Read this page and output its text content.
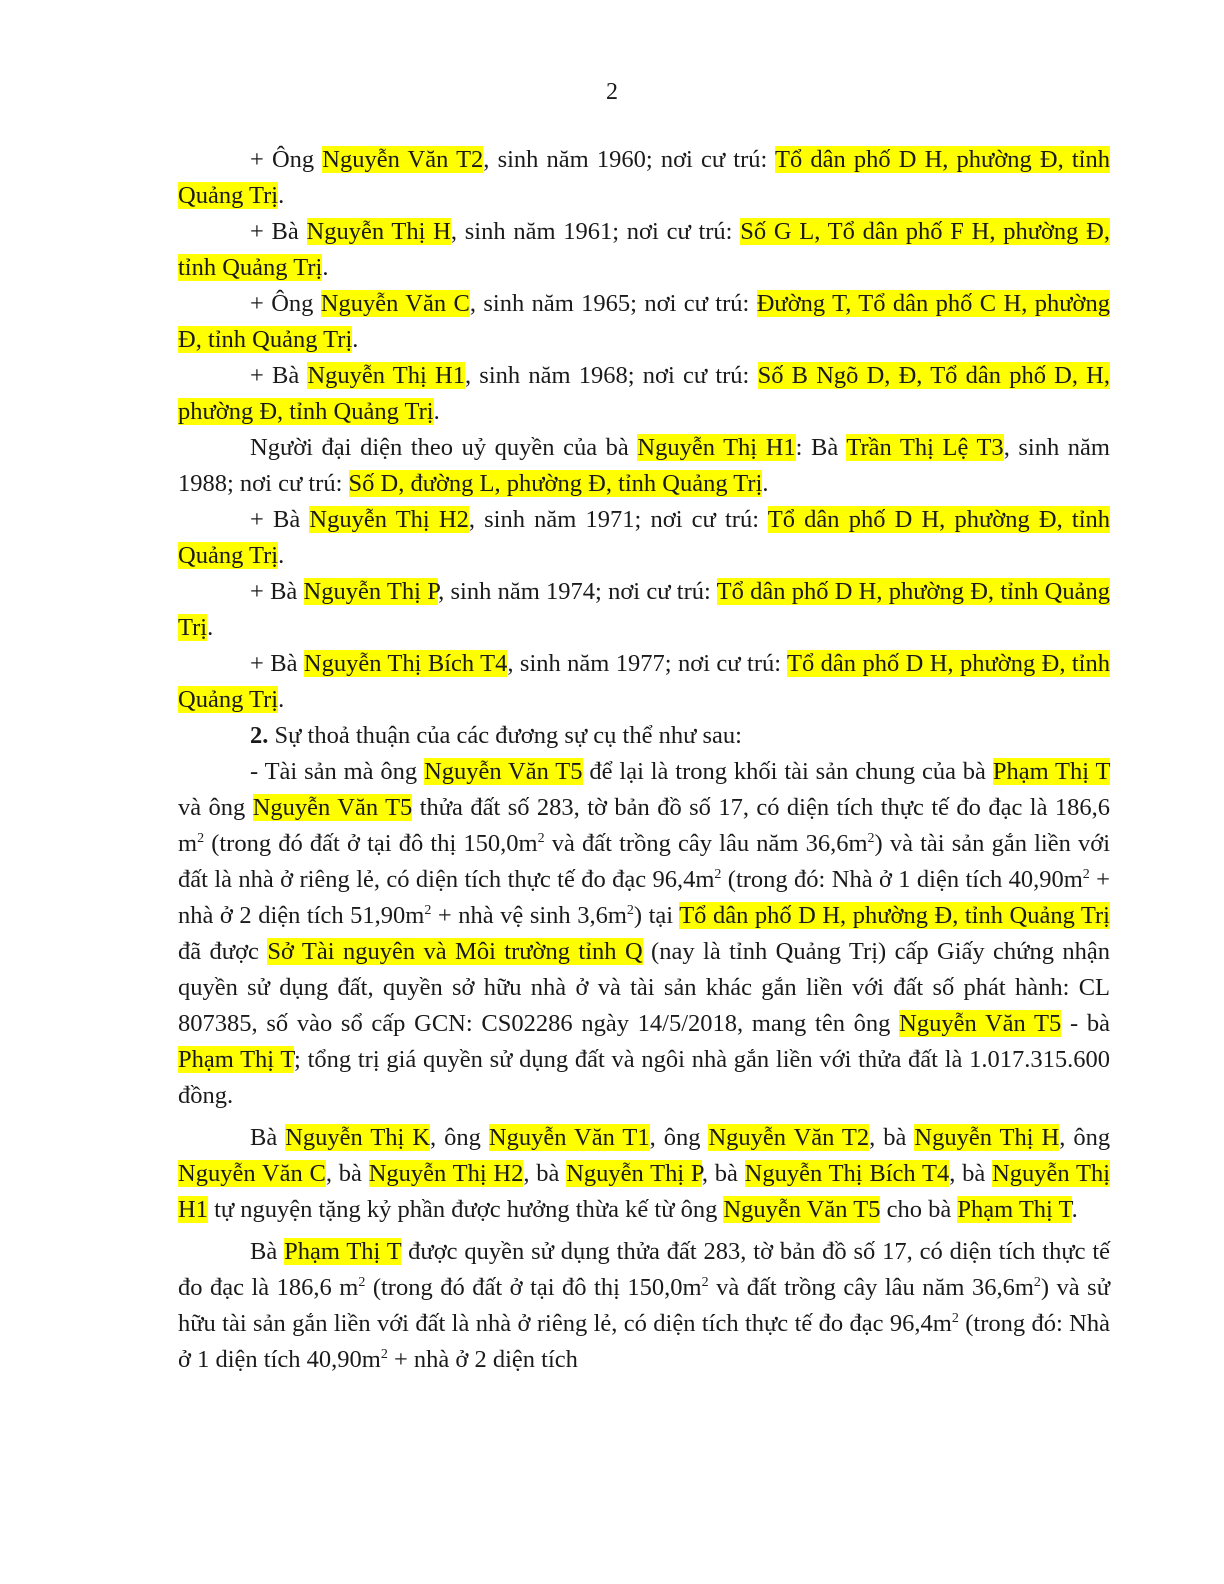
2

+ Ông Nguyễn Văn T2, sinh năm 1960; nơi cư trú: Tổ dân phố D H, phường Đ, tỉnh Quảng Trị.

+ Bà Nguyễn Thị H, sinh năm 1961; nơi cư trú: Số G L, Tổ dân phố F H, phường Đ, tỉnh Quảng Trị.

+ Ông Nguyễn Văn C, sinh năm 1965; nơi cư trú: Đường T, Tổ dân phố C H, phường Đ, tỉnh Quảng Trị.

+ Bà Nguyễn Thị H1, sinh năm 1968; nơi cư trú: Số B Ngõ D, Đ, Tổ dân phố D, H, phường Đ, tỉnh Quảng Trị.

Người đại diện theo uỷ quyền của bà Nguyễn Thị H1: Bà Trần Thị Lệ T3, sinh năm 1988; nơi cư trú: Số D, đường L, phường Đ, tỉnh Quảng Trị.

+ Bà Nguyễn Thị H2, sinh năm 1971; nơi cư trú: Tổ dân phố D H, phường Đ, tỉnh Quảng Trị.

+ Bà Nguyễn Thị P, sinh năm 1974; nơi cư trú: Tổ dân phố D H, phường Đ, tỉnh Quảng Trị.

+ Bà Nguyễn Thị Bích T4, sinh năm 1977; nơi cư trú: Tổ dân phố D H, phường Đ, tỉnh Quảng Trị.

2. Sự thoả thuận của các đương sự cụ thể như sau:

- Tài sản mà ông Nguyễn Văn T5 để lại là trong khối tài sản chung của bà Phạm Thị T và ông Nguyễn Văn T5 thửa đất số 283, tờ bản đồ số 17, có diện tích thực tế đo đạc là 186,6 $m^2$ (trong đó đất ở tại đô thị $150,0m^2$ và đất trồng cây lâu năm $36,6m^2$) và tài sản gắn liền với đất là nhà ở riêng lẻ, có diện tích thực tế đo đạc $96,4m^2$ (trong đó: Nhà ở 1 diện tích $40,90m^2$ + nhà ở 2 diện tích $51,90m^2$ + nhà vệ $\sinh 3,6m^2$) tại Tổ dân phố D H, phường Đ, tỉnh Quảng Trị đã được Sở Tài nguyên và Môi trường tỉnh Q (nay là tỉnh Quảng Trị) cấp Giấy chứng nhận quyền sử dụng đất, quyền sở hữu nhà ở và tài sản khác gắn liền với đất số phát hành: CL 807385, số vào sổ cấp GCN: CS02286 ngày 14/5/2018, mang tên ông Nguyễn Văn T5 - bà Phạm Thị T; tổng trị giá quyền sử dụng đất và ngôi nhà gắn liền với thửa đất là 1.017.315.600 đồng.

Bà Nguyễn Thị K, ông Nguyễn Văn T1, ông Nguyễn Văn T2, bà Nguyễn Thị H, ông Nguyễn Văn C, bà Nguyễn Thị H2, bà Nguyễn Thị P, bà Nguyễn Thị Bích T4, bà Nguyễn Thị H1 tự nguyện tặng kỷ phần được hưởng thừa kế từ ông Nguyễn Văn T5 cho bà Phạm Thị T.

Bà Phạm Thị T được quyền sử dụng thửa đất 283, tờ bản đồ số 17, có diện tích thực tế đo đạc là 186,6 $m^2$ (trong đó đất ở tại đô thị $150,0m^2$ và đất trồng cây lâu năm $36,6m^2$) và sử hữu tài sản gắn liền với đất là nhà ở riêng lẻ, có diện tích thực tế đo đạc $96,4m^2$ (trong đó: Nhà ở 1 diện tích $40,90m^2$ + nhà ở 2 diện tích
